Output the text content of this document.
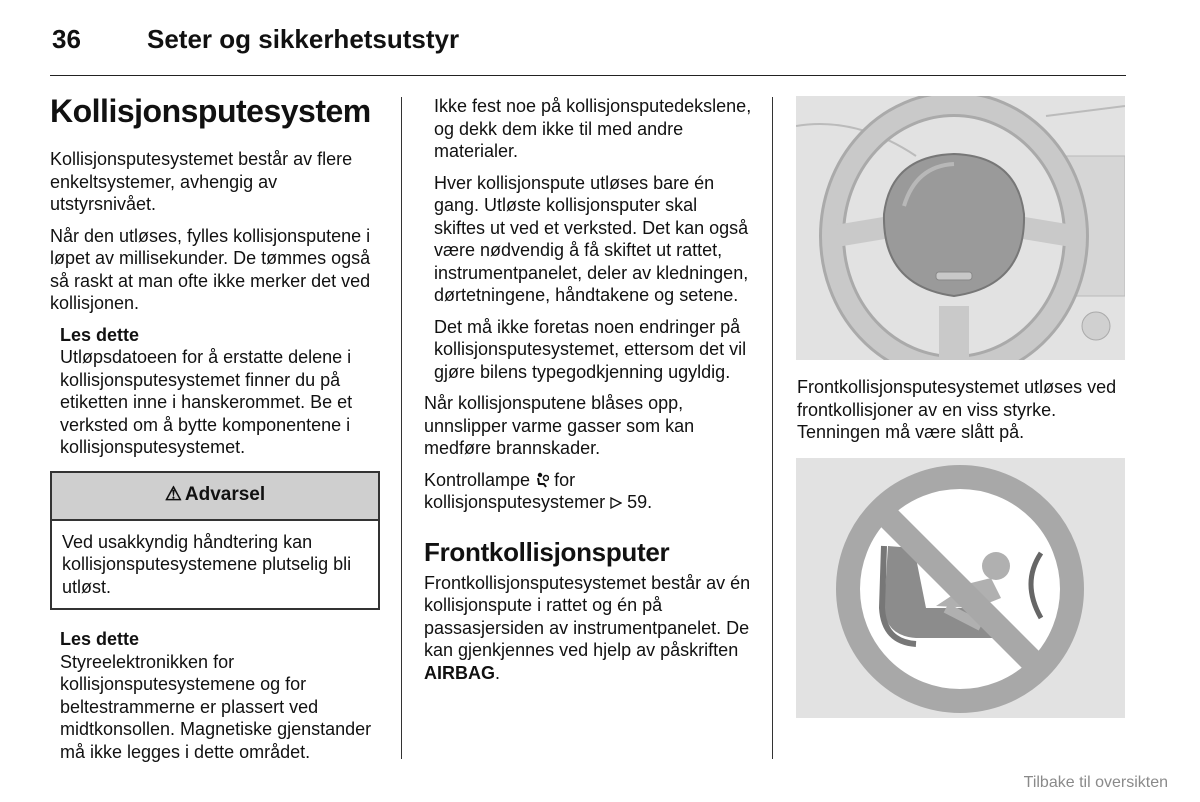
36	Seter og sikkerhetsutstyr
Kollisjonsputesystem

Kollisjonsputesystemet består av flere enkeltsystemer, avhengig av utstyrsnivået.

Når den utløses, fylles kollisjonsputene i løpet av millisekunder. De tømmes også så raskt at man ofte ikke merker det ved kollisjonen.

Les dette
Utløpsdatoeen for å erstatte delene i kollisjonsputesystemet finner du på etiketten inne i hanskerommet. Be et verksted om å bytte komponentene i kollisjonsputesystemet.
⚠ Advarsel
Ved usakkyndig håndtering kan kollisjonsputesystemene plutselig bli utløst.
Les dette
Styreelektronikken for kollisjonsputesystemene og for beltestrammerne er plassert ved midtkonsollen. Magnetiske gjenstander må ikke legges i dette området.

Ikke fest noe på kollisjonsputedekslene, og dekk dem ikke til med andre materialer.

Hver kollisjonspute utløses bare én gang. Utløste kollisjonsputer skal skiftes ut ved et verksted. Det kan også være nødvendig å få skiftet ut rattet, instrumentpanelet, deler av kledningen, dørtetningene, håndtakene og setene.

Det må ikke foretas noen endringer på kollisjonsputesystemet, ettersom det vil gjøre bilens typegodkjenning ugyldig.

Når kollisjonsputene blåses opp, unnslipper varme gasser som kan medføre brannskader.

Kontrollampe for kollisjonsputesystemer 59.

Frontkollisjonsputer

Frontkollisjonsputesystemet består av én kollisjonspute i rattet og én på passasjersiden av instrumentpanelet. De kan gjenkjennes ved hjelp av påskriften AIRBAG.

Frontkollisjonsputesystemet utløses ved frontkollisjoner av en viss styrke. Tenningen må være slått på.
Tilbake til oversikten
